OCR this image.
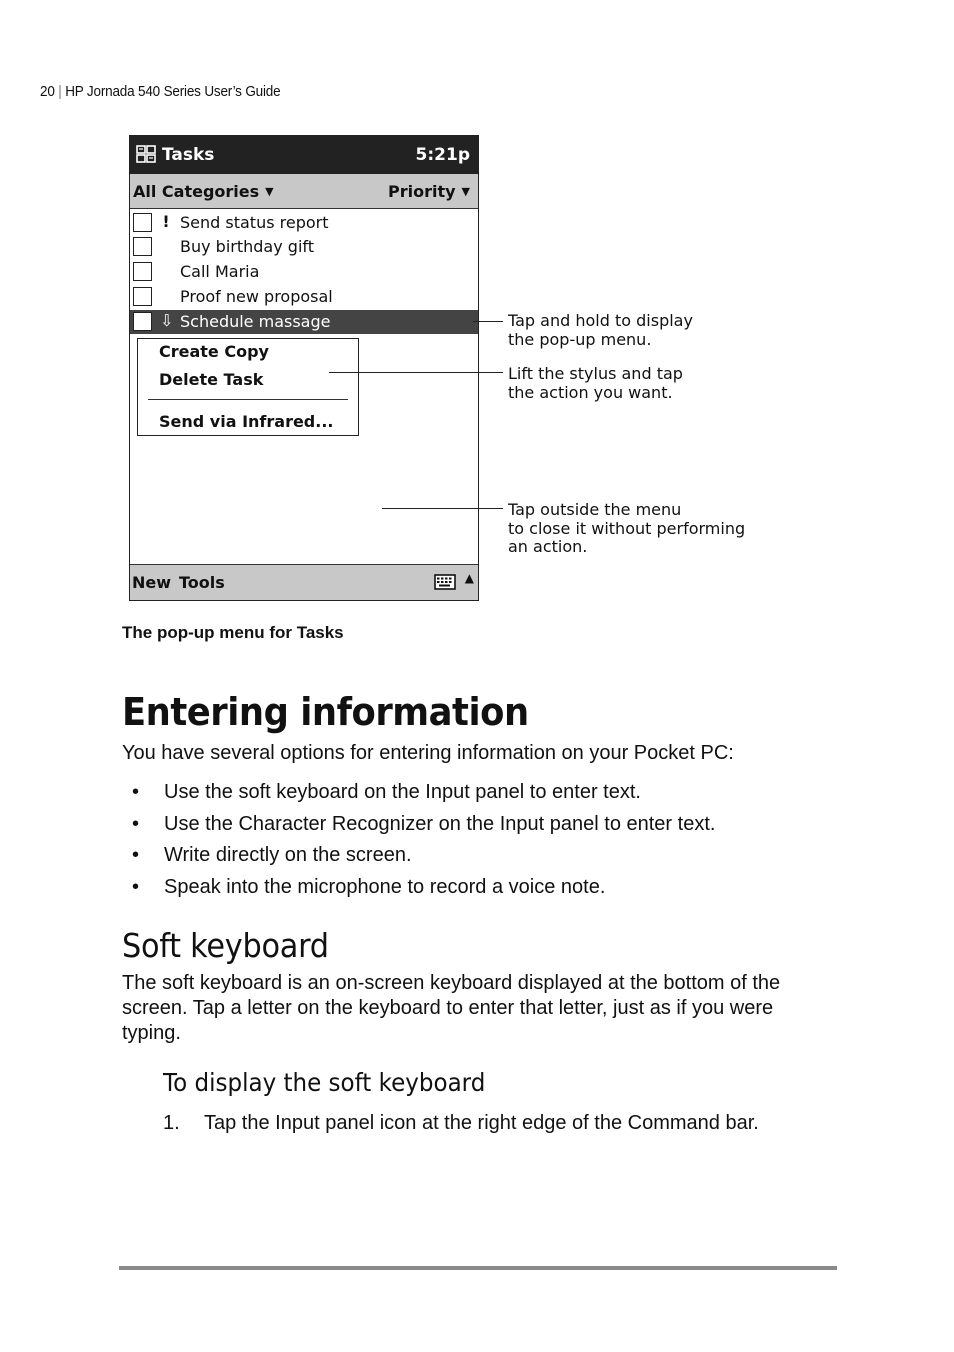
20 | HP Jornada 540 Series User’s Guide
Tasks	5:21p
All Categories ▼	Priority ▼
! Send status report
Buy birthday gift
Call Maria
Proof new proposal
⇩ Schedule massage
Create Copy
Delete Task
Send via Infrared...
New Tools	▲
Tap and hold to display
the pop-up menu.
Lift the stylus and tap
the action you want.
Tap outside the menu
to close it without performing
an action.
The pop-up menu for Tasks
Entering information
You have several options for entering information on your Pocket PC:
• Use the soft keyboard on the Input panel to enter text.
• Use the Character Recognizer on the Input panel to enter text.
• Write directly on the screen.
• Speak into the microphone to record a voice note.
Soft keyboard
The soft keyboard is an on-screen keyboard displayed at the bottom of the
screen. Tap a letter on the keyboard to enter that letter, just as if you were
typing.
To display the soft keyboard
1. Tap the Input panel icon at the right edge of the Command bar.
